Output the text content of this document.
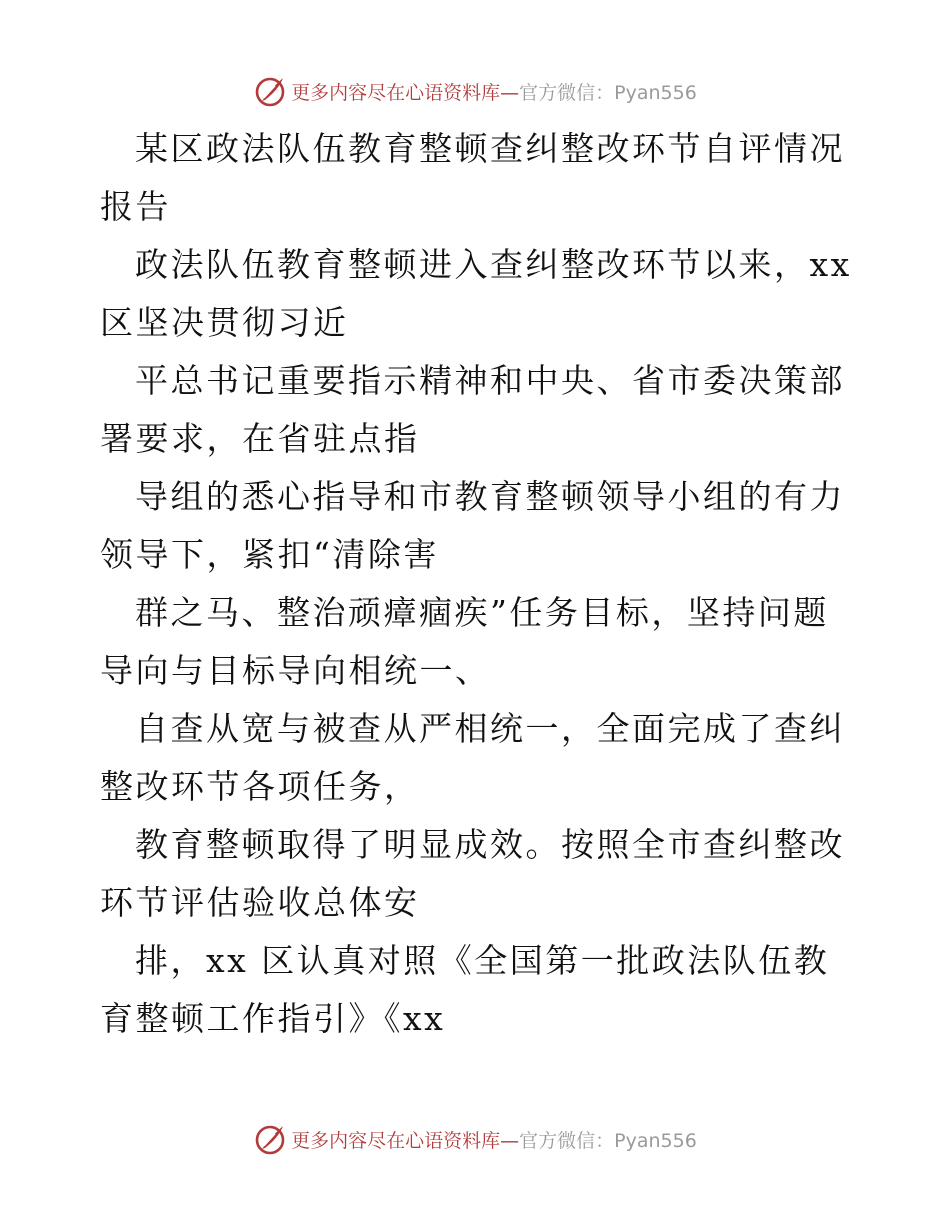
更多内容尽在心语资料库—官方微信：Pyan556

某区政法队伍教育整顿查纠整改环节自评情况报告

政法队伍教育整顿进入查纠整改环节以来，xx 区坚决贯彻习近

平总书记重要指示精神和中央、省市委决策部署要求，在省驻点指

导组的悉心指导和市教育整顿领导小组的有力领导下，紧扣“清除害

群之马、整治顽瘴痼疾”任务目标，坚持问题导向与目标导向相统一、

自查从宽与被查从严相统一，全面完成了查纠整改环节各项任务，

教育整顿取得了明显成效。按照全市查纠整改环节评估验收总体安

排，xx 区认真对照《全国第一批政法队伍教育整顿工作指引》《xx

更多内容尽在心语资料库—官方微信：Pyan556
